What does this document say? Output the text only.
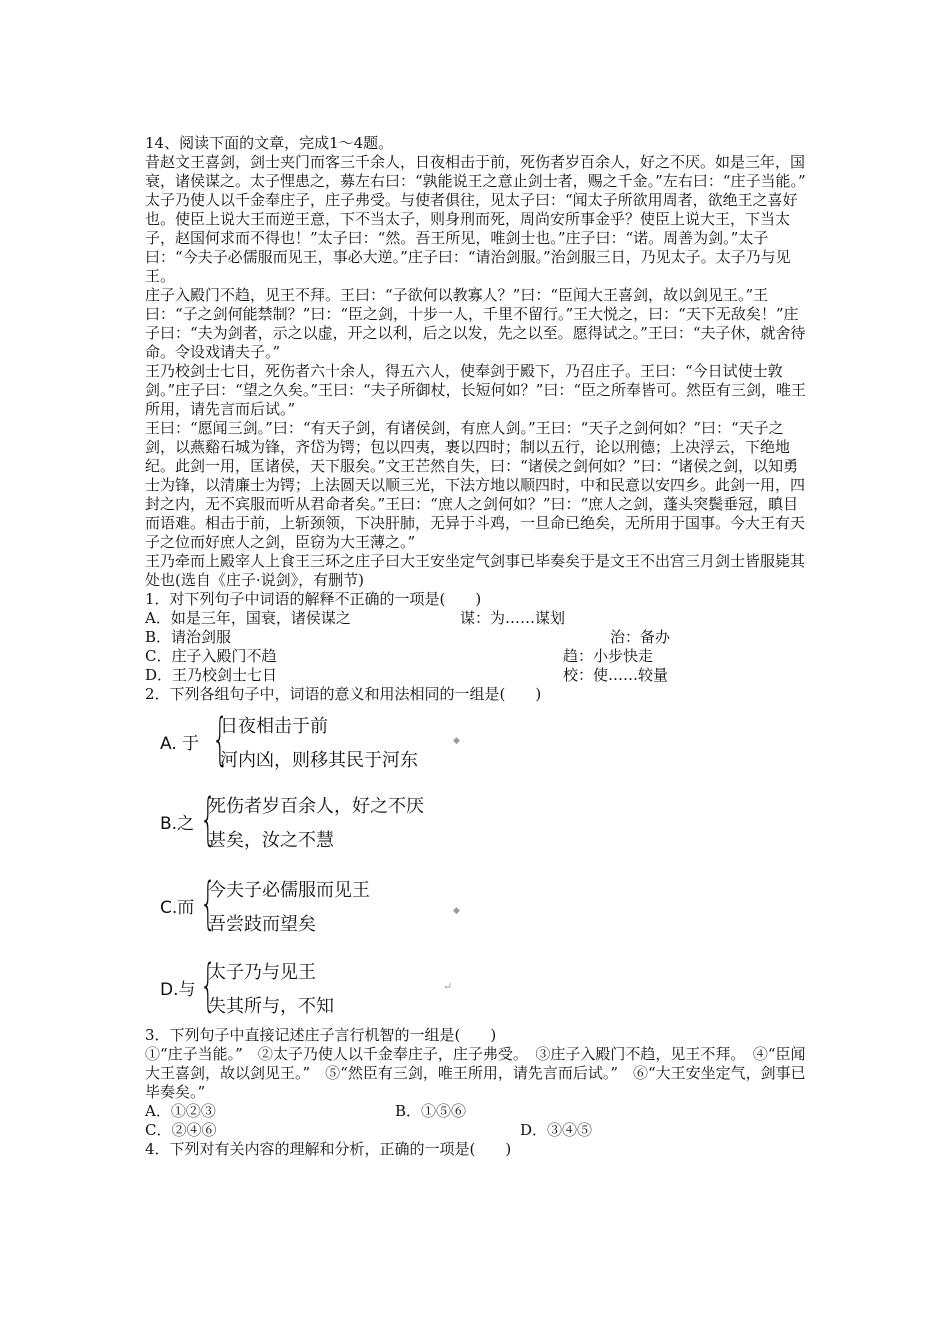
14、阅读下面的文章，完成1～4题。

昔赵文王喜剑，剑士夹门而客三千余人，日夜相击于前，死伤者岁百余人，好之不厌。如是三年，国衰，诸侯谋之。太子悝患之，募左右曰：“孰能说王之意止剑士者，赐之千金。”左右曰：“庄子当能。”

太子乃使人以千金奉庄子，庄子弗受。与使者俱往，见太子曰：“闻太子所欲用周者，欲绝王之喜好也。使臣上说大王而逆王意，下不当太子，则身刑而死，周尚安所事金乎？使臣上说大王，下当太子，赵国何求而不得也！”太子曰：“然。吾王所见，唯剑士也。”庄子曰：“诺。周善为剑。”太子曰：“今夫子必儒服而见王，事必大逆。”庄子曰：“请治剑服。”治剑服三日，乃见太子。太子乃与见王。

庄子入殿门不趋，见王不拜。王曰：“子欲何以教寡人？”曰：“臣闻大王喜剑，故以剑见王。”王曰：“子之剑何能禁制？”曰：“臣之剑，十步一人，千里不留行。”王大悦之，曰：“天下无敌矣！”庄子曰：“夫为剑者，示之以虚，开之以利，后之以发，先之以至。愿得试之。”王曰：“夫子休，就舍待命。令设戏请夫子。”

王乃校剑士七日，死伤者六十余人，得五六人，使奉剑于殿下，乃召庄子。王曰：“今日试使士敦剑。”庄子曰：“望之久矣。”王曰：“夫子所御杖，长短何如？”曰：“臣之所奉皆可。然臣有三剑，唯王所用，请先言而后试。”

王曰：“愿闻三剑。”曰：“有天子剑，有诸侯剑，有庶人剑。”王曰：“天子之剑何如？”曰：“天子之剑，以燕谿石城为锋，齐岱为锷；包以四夷，裹以四时；制以五行，论以刑德；上决浮云，下绝地纪。此剑一用，匡诸侯，天下服矣。”文王芒然自失，曰：“诸侯之剑何如？”曰：“诸侯之剑，以知勇士为锋，以清廉士为锷；上法圆天以顺三光，下法方地以顺四时，中和民意以安四乡。此剑一用，四封之内，无不宾服而听从君命者矣。”王曰：“庶人之剑何如？”曰：“庶人之剑，蓬头突鬓垂冠，瞋目而语难。相击于前，上斩颈领，下决肝肺，无异于斗鸡，一旦命已绝矣，无所用于国事。今大王有天子之位而好庶人之剑，臣窃为大王薄之。”

王乃牵而上殿宰人上食王三环之庄子曰大王安坐定气剑事已毕奏矣于是文王不出宫三月剑士皆服毙其处也(选自《庄子·说剑》，有删节)

1．对下列句子中词语的解释不正确的一项是(　　)

A．如是三年，国衰，诸侯谋之	谋：为……谋划
B．请治剑服	治：备办
C．庄子入殿门不趋	趋：小步快走
D．王乃校剑士七日	校：使……较量

2．下列各组句子中，词语的意义和用法相同的一组是(　　)

A. 于 {
日夜相击于前
河内凶，则移其民于河东
◆
B.之 {
死伤者岁百余人，好之不厌
甚矣，汝之不慧
C.而 {
今夫子必儒服而见王
吾尝跂而望矣
◆
D.与 {
太子乃与见王
失其所与，不知
↵

3．下列句子中直接记述庄子言行机智的一组是(　　)

①“庄子当能。”　②太子乃使人以千金奉庄子，庄子弗受。　③庄子入殿门不趋，见王不拜。　④“臣闻大王喜剑，故以剑见王。”　⑤“然臣有三剑，唯王所用，请先言而后试。”　⑥“大王安坐定气，剑事已毕奏矣。”

A．①②③	B．①⑤⑥
C．②④⑥	D．③④⑤

4．下列对有关内容的理解和分析，正确的一项是(　　)
